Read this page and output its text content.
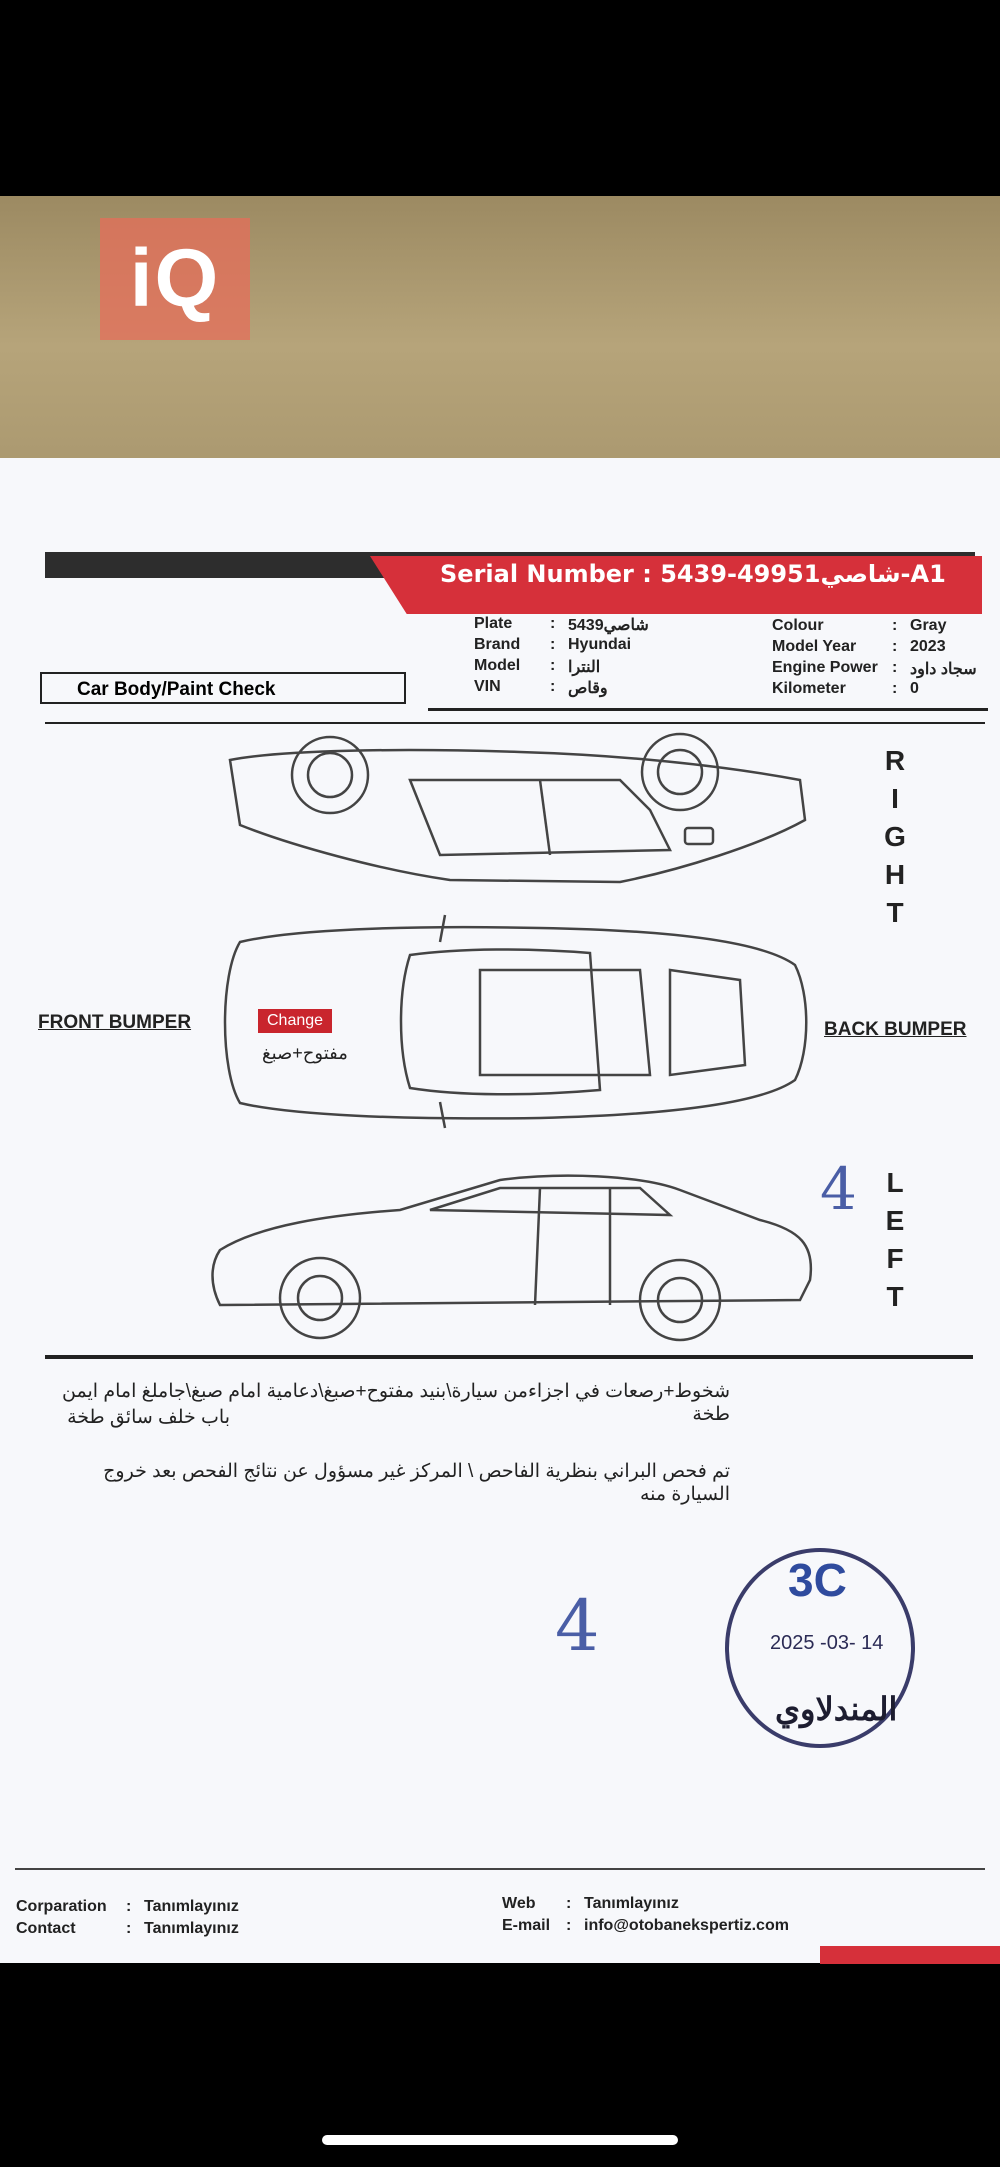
iQ
Serial Number : شاصي49951-5439-A1
Plate	: 5439شاصي
Brand	: Hyundai
Model	: النترا
VIN	: وقاص
Colour	: Gray
Model Year	: 2023
Engine Power : سجاد داود
Kilometer	: 0
Car Body/Paint Check
R
I
G
H
T
L
E
F
T
FRONT BUMPER	BACK BUMPER
Change
مفتوح+صبغ
4
شخوط+رصعات في اجزاءمن سيارة\بنيد مفتوح+صبغ\دعامية امام صبغ\جاملغ امام ايمن طخة
باب خلف سائق طخة
تم فحص البراني بنظرية الفاحص \ المركز غير مسؤول عن نتائج الفحص بعد خروج السيارة منه
4
3C
2025 -03- 14
المندلاوي
Corparation	: Tanımlayınız
Contact	: Tanımlayınız
Web	: Tanımlayınız
E-mail : info@otobanekspertiz.com
